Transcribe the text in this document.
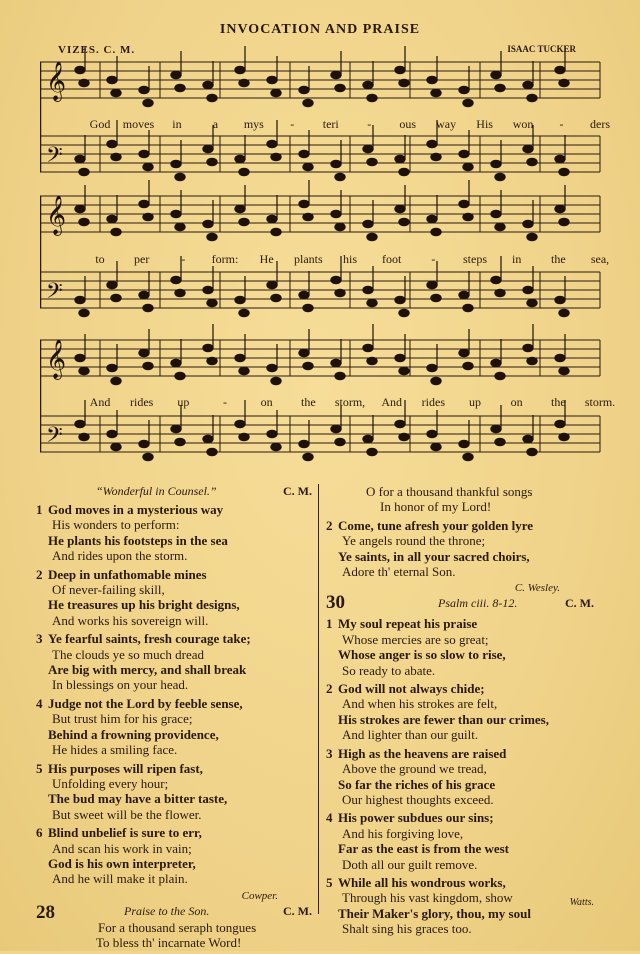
INVOCATION AND PRAISE
VIZES. C. M.	ISAAC TUCKER
𝄞
𝄢
𝄞
𝄢
𝄞
𝄢
God moves in	a mys - teri - ous way His won - ders
to per	- form: He plants his foot	- steps in the sea,
And rides up	-	on the storm, And rides up on the storm.
“Wonderful in Counsel.”	C. M.
1 God moves in a mysterious way
His wonders to perform:
He plants his footsteps in the sea
And rides upon the storm.
2 Deep in unfathomable mines
Of never-failing skill,
He treasures up his bright designs,
And works his sovereign will.
3 Ye fearful saints, fresh courage take;
The clouds ye so much dread
Are big with mercy, and shall break
In blessings on your head.
4 Judge not the Lord by feeble sense,
But trust him for his grace;
Behind a frowning providence,
He hides a smiling face.
5 His purposes will ripen fast,
Unfolding every hour;
The bud may have a bitter taste,
But sweet will be the flower.
6 Blind unbelief is sure to err,
And scan his work in vain;
God is his own interpreter,
And he will make it plain.
Cowper.
28	Praise to the Son.	C. M.
For a thousand seraph tongues
To bless th' incarnate Word!
O for a thousand thankful songs
In honor of my Lord!
2 Come, tune afresh your golden lyre
Ye angels round the throne;
Ye saints, in all your sacred choirs,
Adore th' eternal Son.
C. Wesley.
30	Psalm ciii. 8-12.	C. M.
1 My soul repeat his praise
Whose mercies are so great;
Whose anger is so slow to rise,
So ready to abate.
2 God will not always chide;
And when his strokes are felt,
His strokes are fewer than our crimes,
And lighter than our guilt.
3 High as the heavens are raised
Above the ground we tread,
So far the riches of his grace
Our highest thoughts exceed.
4 His power subdues our sins;
And his forgiving love,
Far as the east is from the west
Doth all our guilt remove.
5 While all his wondrous works,
Through his vast kingdom, show
Their Maker's glory, thou, my soul
Shalt sing his graces too.
Watts.
